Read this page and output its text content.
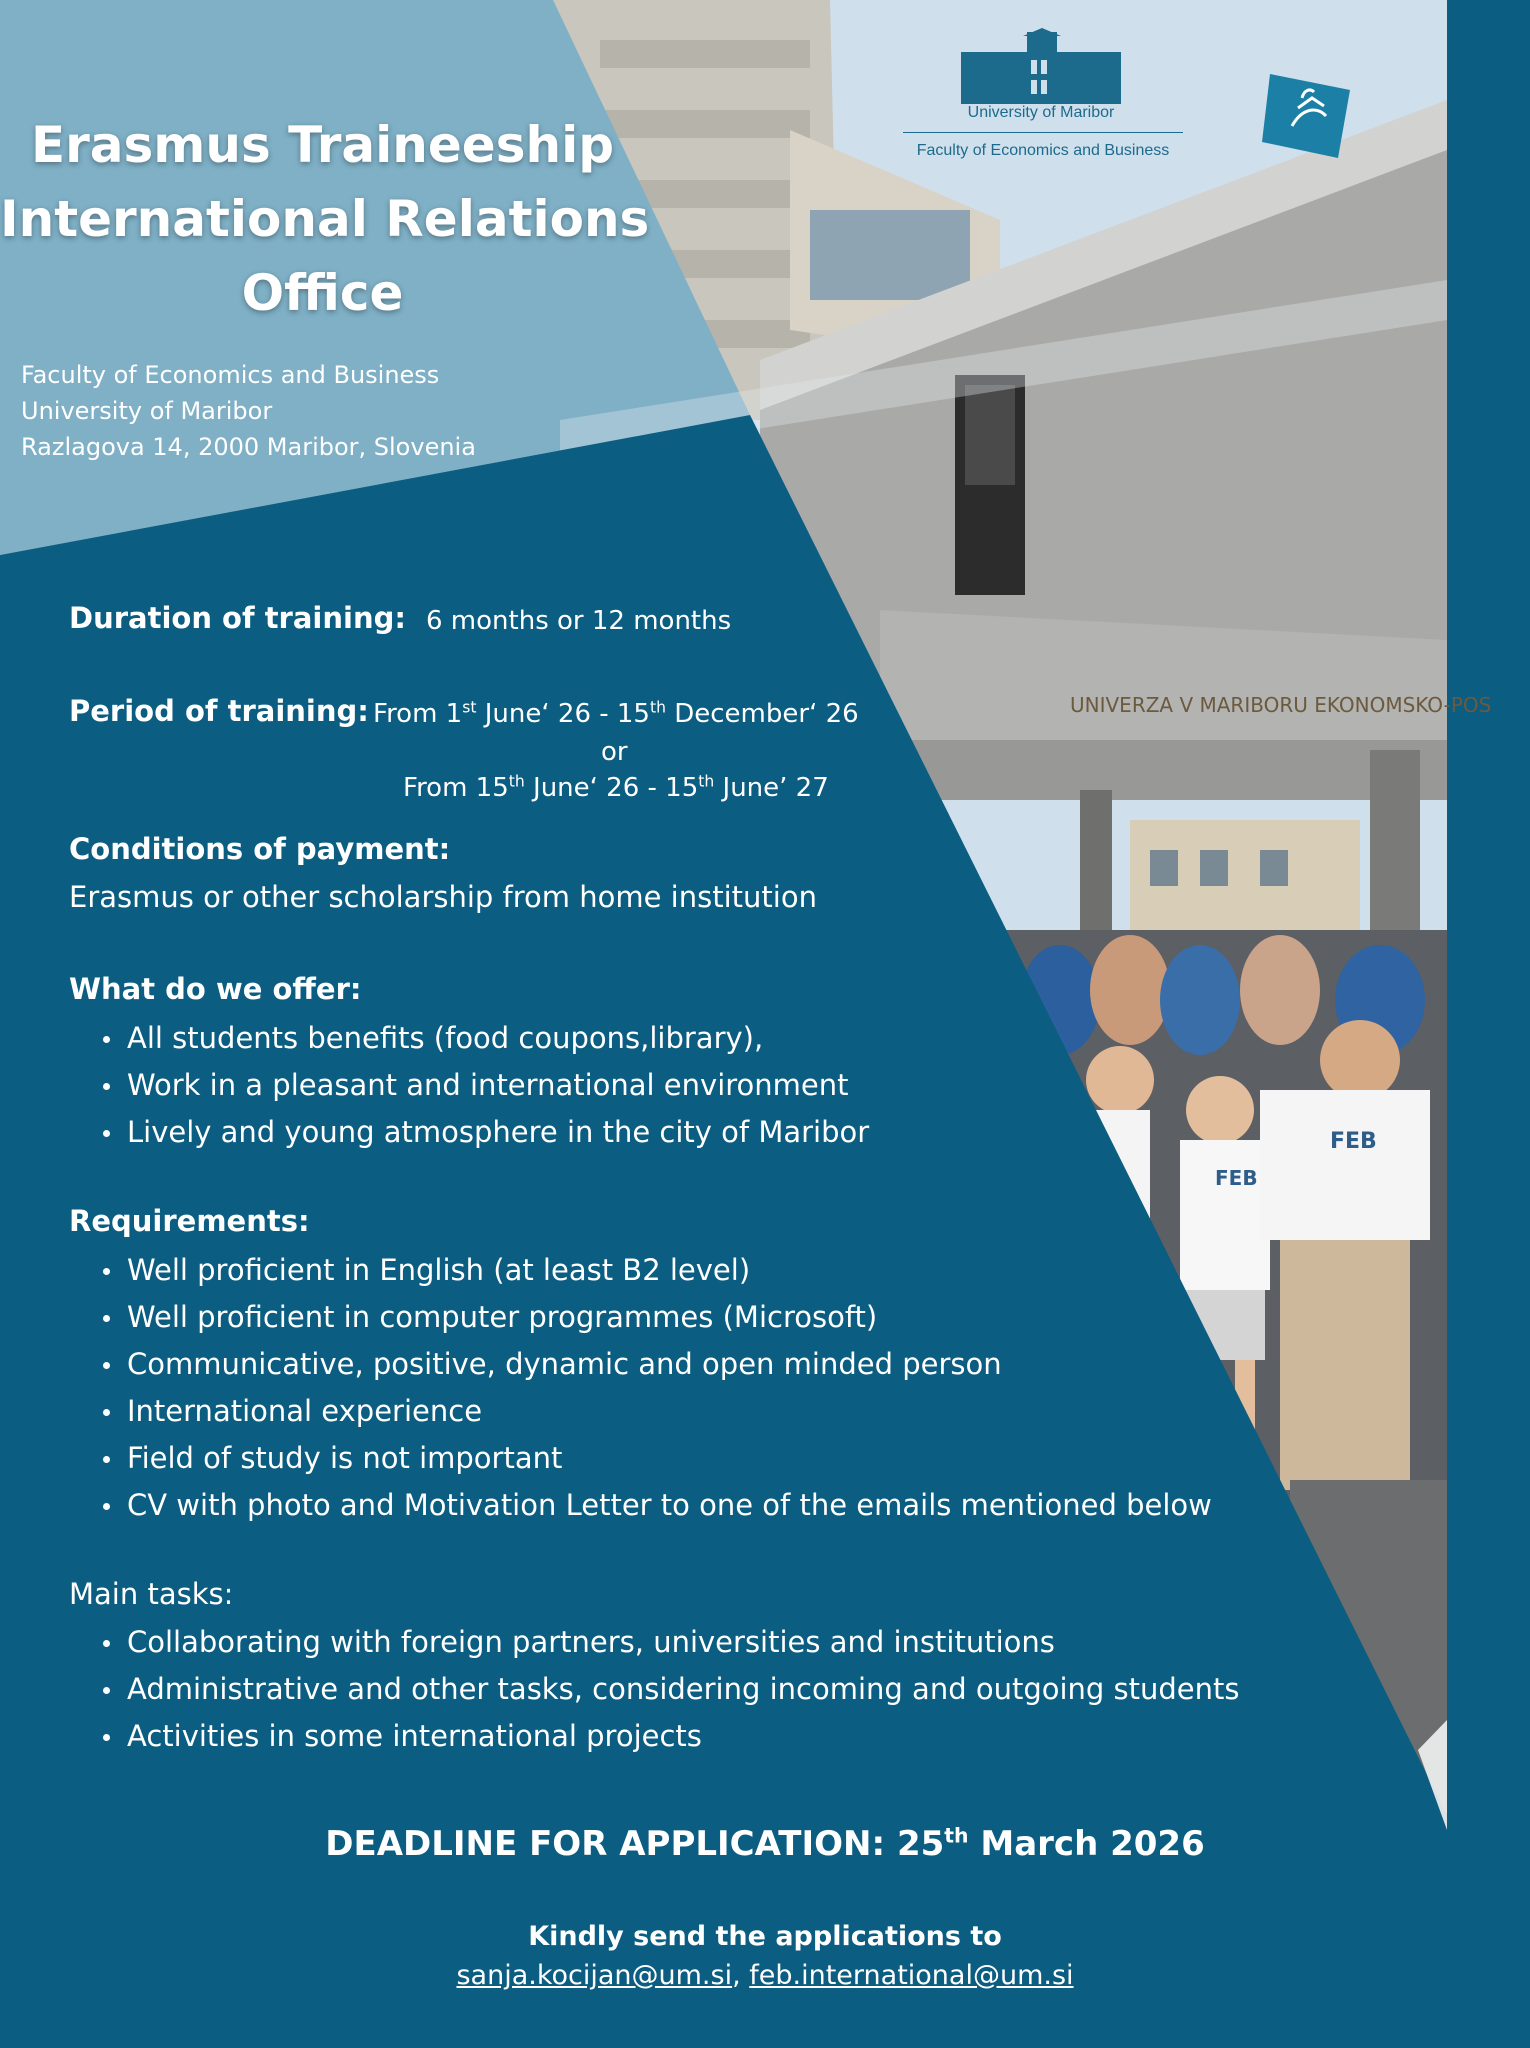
UNIVERZA V MARIBORU EKONOMSKO-POS
FEB
FEB
University of Maribor
Faculty of Economics and Business
Erasmus Traineeship
International Relations
Office
Faculty of Economics and Business
University of Maribor
Razlagova 14, 2000 Maribor, Slovenia
Duration of training: 6 months or 12 months
Period of training: From 1st June‘ 26 - 15th December‘ 26
or
From 15th June‘ 26 - 15th June’ 27
Conditions of payment:
Erasmus or other scholarship from home institution
What do we offer:
All students benefits (food coupons,library),
Work in a pleasant and international environment
Lively and young atmosphere in the city of Maribor
Requirements:
Well proficient in English (at least B2 level)
Well proficient in computer programmes (Microsoft)
Communicative, positive, dynamic and open minded person
International experience
Field of study is not important
CV with photo and Motivation Letter to one of the emails mentioned below
Main tasks:
Collaborating with foreign partners, universities and institutions
Administrative and other tasks, considering incoming and outgoing students
Activities in some international projects
DEADLINE FOR APPLICATION: 25th March 2026
Kindly send the applications to
sanja.kocijan@um.si, feb.international@um.si
